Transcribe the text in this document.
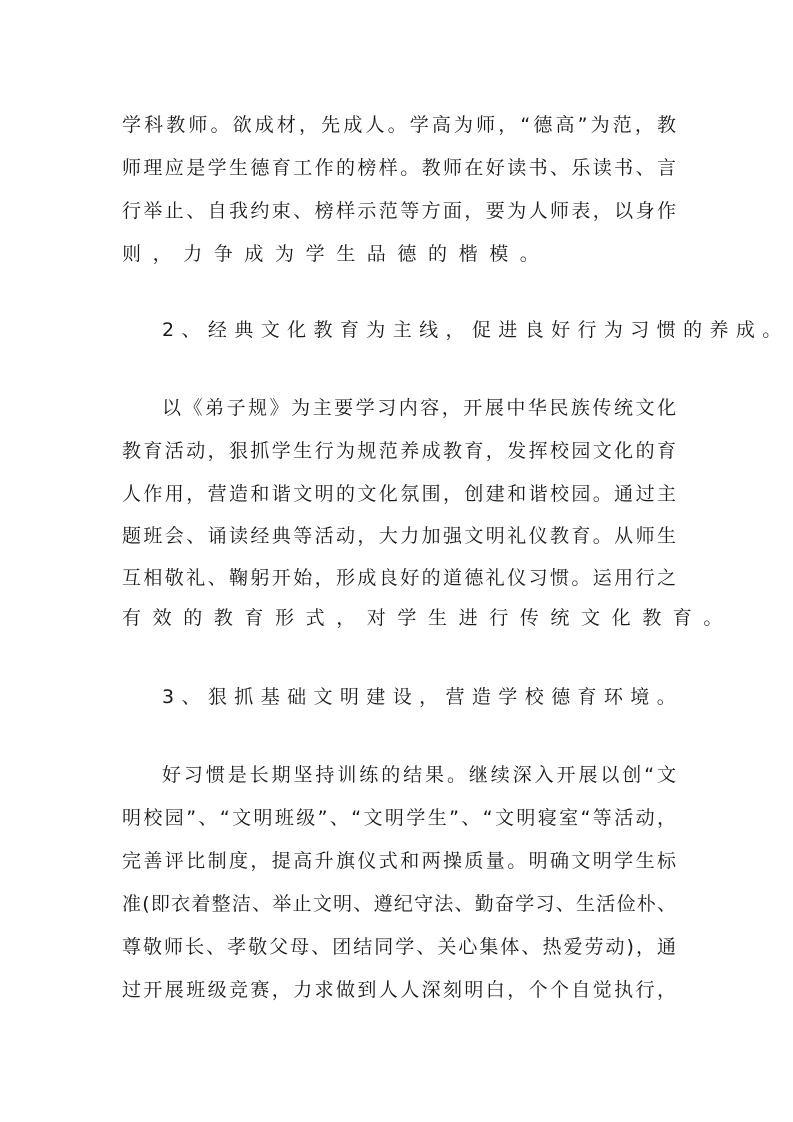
学科教师。欲成材，先成人。学高为师，“德高”为范，教
师理应是学生德育工作的榜样。教师在好读书、乐读书、言
行举止、自我约束、榜样示范等方面，要为人师表，以身作
则，力争成为学生品德的楷模。
2、经典文化教育为主线，促进良好行为习惯的养成。
以《弟子规》为主要学习内容，开展中华民族传统文化
教育活动，狠抓学生行为规范养成教育，发挥校园文化的育
人作用，营造和谐文明的文化氛围，创建和谐校园。通过主
题班会、诵读经典等活动，大力加强文明礼仪教育。从师生
互相敬礼、鞠躬开始，形成良好的道德礼仪习惯。运用行之
有效的教育形式，对学生进行传统文化教育。
3、狠抓基础文明建设，营造学校德育环境。
好习惯是长期坚持训练的结果。继续深入开展以创“文
明校园”、“文明班级”、“文明学生”、“文明寝室“等活动，
完善评比制度，提高升旗仪式和两操质量。明确文明学生标
准(即衣着整洁、举止文明、遵纪守法、勤奋学习、生活俭朴、
尊敬师长、孝敬父母、团结同学、关心集体、热爱劳动)，通
过开展班级竞赛，力求做到人人深刻明白，个个自觉执行，
